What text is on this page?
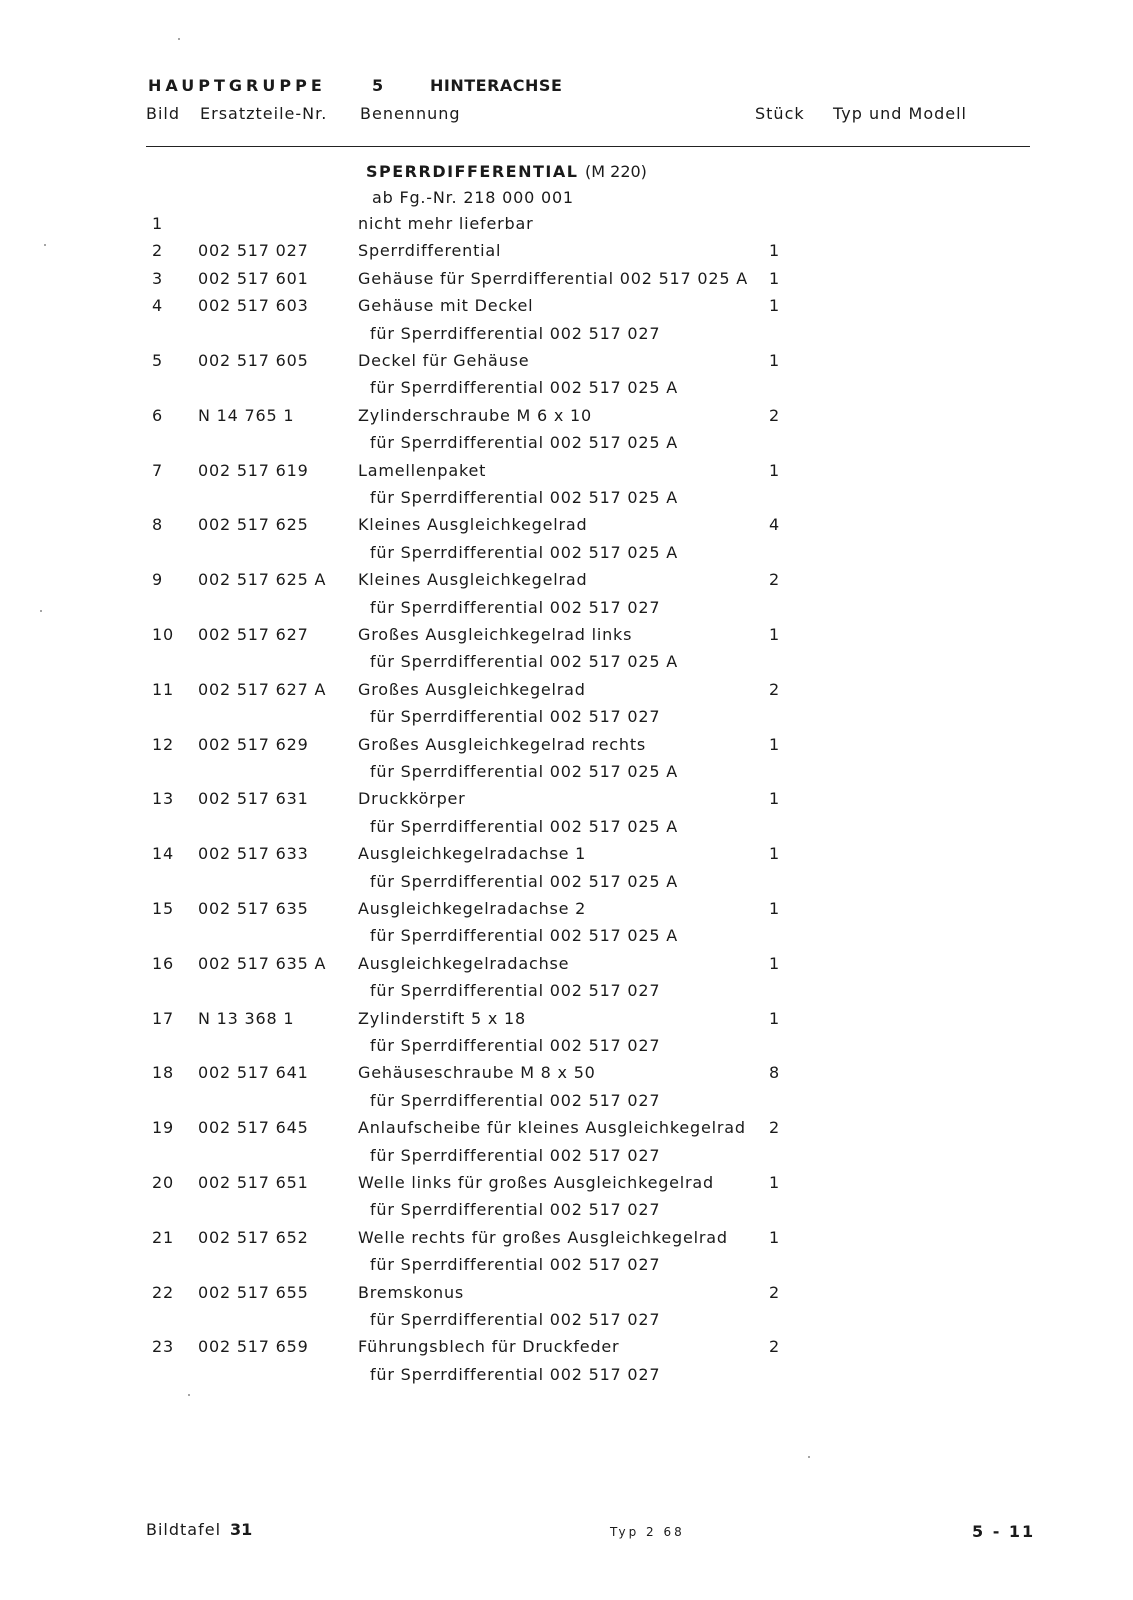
HAUPTGRUPPE	5	HINTERACHSE
Bild Ersatzteile-Nr. Benennung	Stück Typ und Modell
SPERRDIFFERENTIAL (M 220)
ab Fg.-Nr. 218 000 001
1	nicht mehr lieferbar
2 002 517 027	Sperrdifferential	1
3 002 517 601	Gehäuse für Sperrdifferential 002 517 025 A 1
4 002 517 603	Gehäuse mit Deckel	1
für Sperrdifferential 002 517 027
5 002 517 605	Deckel für Gehäuse	1
für Sperrdifferential 002 517 025 A
6 N 14 765 1	Zylinderschraube M 6 x 10	2
für Sperrdifferential 002 517 025 A
7 002 517 619	Lamellenpaket	1
für Sperrdifferential 002 517 025 A
8 002 517 625	Kleines Ausgleichkegelrad	4
für Sperrdifferential 002 517 025 A
9 002 517 625 A Kleines Ausgleichkegelrad	2
für Sperrdifferential 002 517 027
10 002 517 627	Großes Ausgleichkegelrad links	1
für Sperrdifferential 002 517 025 A
11 002 517 627 A Großes Ausgleichkegelrad	2
für Sperrdifferential 002 517 027
12 002 517 629	Großes Ausgleichkegelrad rechts	1
für Sperrdifferential 002 517 025 A
13 002 517 631	Druckkörper	1
für Sperrdifferential 002 517 025 A
14 002 517 633	Ausgleichkegelradachse 1	1
für Sperrdifferential 002 517 025 A
15 002 517 635	Ausgleichkegelradachse 2	1
für Sperrdifferential 002 517 025 A
16 002 517 635 A Ausgleichkegelradachse	1
für Sperrdifferential 002 517 027
17 N 13 368 1	Zylinderstift 5 x 18	1
für Sperrdifferential 002 517 027
18 002 517 641	Gehäuseschraube M 8 x 50	8
für Sperrdifferential 002 517 027
19 002 517 645	Anlaufscheibe für kleines Ausgleichkegelrad 2
für Sperrdifferential 002 517 027
20 002 517 651	Welle links für großes Ausgleichkegelrad	1
für Sperrdifferential 002 517 027
21 002 517 652	Welle rechts für großes Ausgleichkegelrad	1
für Sperrdifferential 002 517 027
22 002 517 655	Bremskonus	2
für Sperrdifferential 002 517 027
23 002 517 659	Führungsblech für Druckfeder	2
für Sperrdifferential 002 517 027
Bildtafel 31	Typ 2 68	5 - 11
